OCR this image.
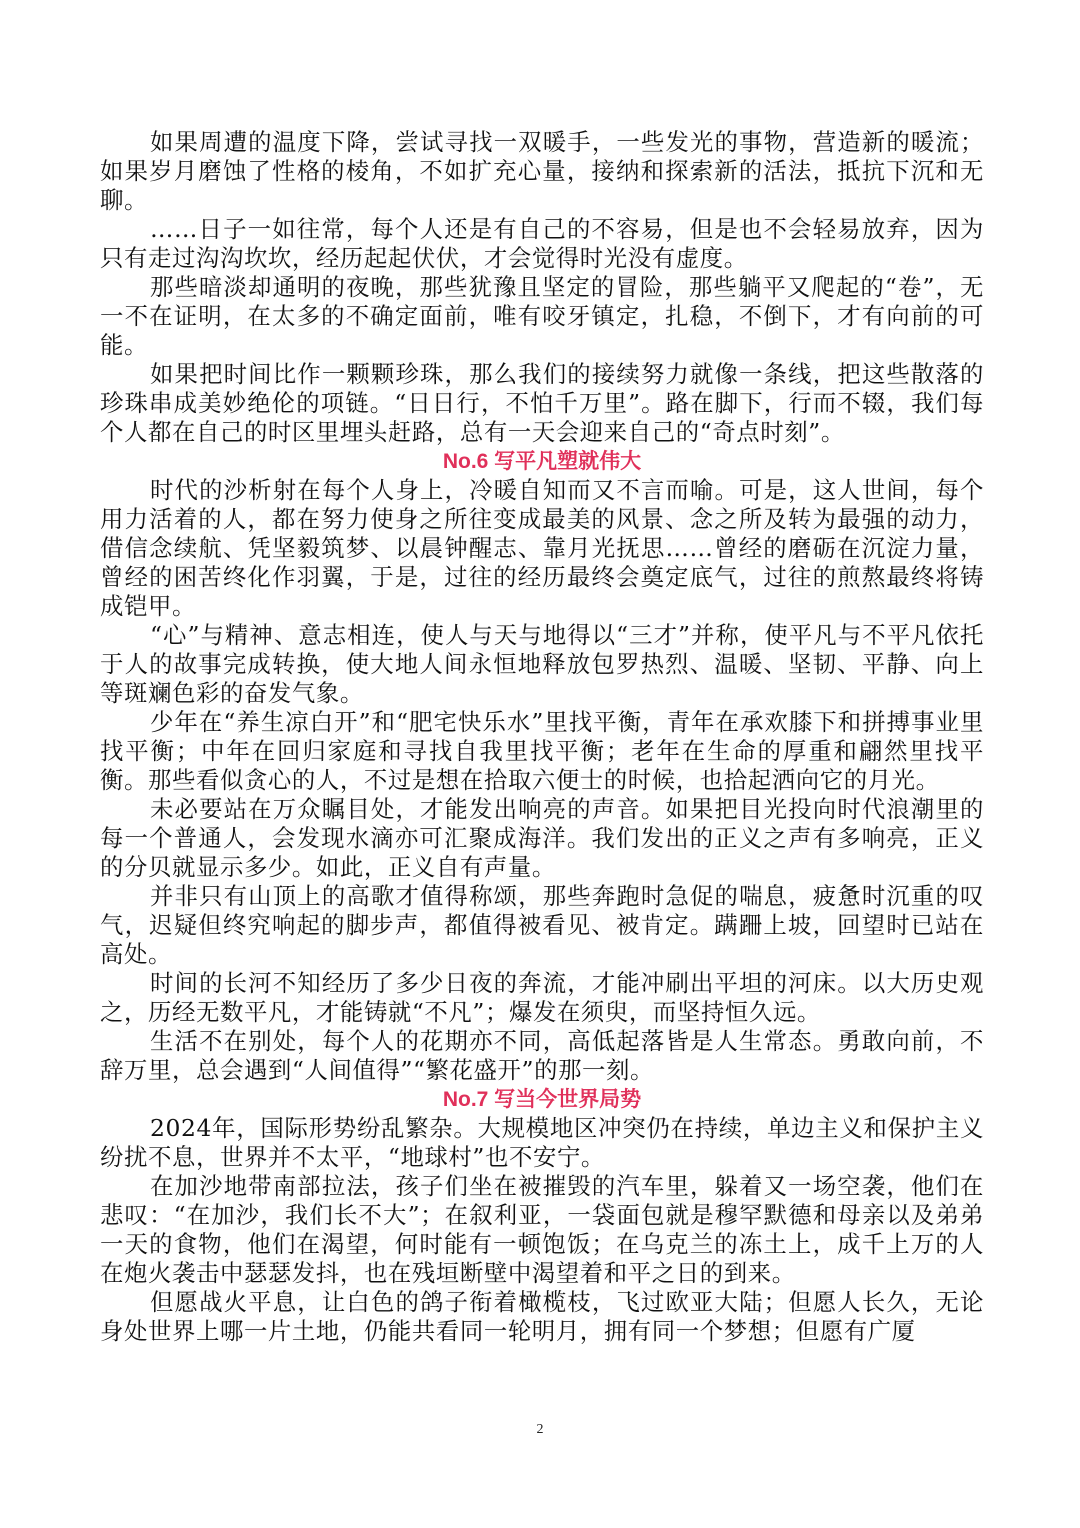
如果周遭的温度下降，尝试寻找一双暖手，一些发光的事物，营造新的暖流；如果岁月磨蚀了性格的棱角，不如扩充心量，接纳和探索新的活法，抵抗下沉和无聊。

……日子一如往常，每个人还是有自己的不容易，但是也不会轻易放弃，因为只有走过沟沟坎坎，经历起起伏伏，才会觉得时光没有虚度。

那些暗淡却通明的夜晚，那些犹豫且坚定的冒险，那些躺平又爬起的“卷”，无一不在证明，在太多的不确定面前，唯有咬牙镇定，扎稳，不倒下，才有向前的可能。

如果把时间比作一颗颗珍珠，那么我们的接续努力就像一条线，把这些散落的珍珠串成美妙绝伦的项链。“日日行，不怕千万里”。路在脚下，行而不辍，我们每个人都在自己的时区里埋头赶路，总有一天会迎来自己的“奇点时刻”。

No.6 写平凡塑就伟大

时代的沙析射在每个人身上，冷暖自知而又不言而喻。可是，这人世间，每个用力活着的人，都在努力使身之所往变成最美的风景、念之所及转为最强的动力，借信念续航、凭坚毅筑梦、以晨钟醒志、靠月光抚思……曾经的磨砺在沉淀力量，曾经的困苦终化作羽翼，于是，过往的经历最终会奠定底气，过往的煎熬最终将铸成铠甲。

“心”与精神、意志相连，使人与天与地得以“三才”并称，使平凡与不平凡依托于人的故事完成转换，使大地人间永恒地释放包罗热烈、温暖、坚韧、平静、向上等斑斓色彩的奋发气象。

少年在“养生凉白开”和“肥宅快乐水”里找平衡，青年在承欢膝下和拼搏事业里找平衡；中年在回归家庭和寻找自我里找平衡；老年在生命的厚重和翩然里找平衡。那些看似贪心的人，不过是想在拾取六便士的时候，也拾起洒向它的月光。

未必要站在万众瞩目处，才能发出响亮的声音。如果把目光投向时代浪潮里的每一个普通人，会发现水滴亦可汇聚成海洋。我们发出的正义之声有多响亮，正义的分贝就显示多少。如此，正义自有声量。

并非只有山顶上的高歌才值得称颂，那些奔跑时急促的喘息，疲惫时沉重的叹气，迟疑但终究响起的脚步声，都值得被看见、被肯定。蹒跚上坡，回望时已站在高处。

时间的长河不知经历了多少日夜的奔流，才能冲刷出平坦的河床。以大历史观之，历经无数平凡，才能铸就“不凡”；爆发在须臾，而坚持恒久远。

生活不在别处，每个人的花期亦不同，高低起落皆是人生常态。勇敢向前，不辞万里，总会遇到“人间值得”“繁花盛开”的那一刻。

No.7 写当今世界局势

2024年，国际形势纷乱繁杂。大规模地区冲突仍在持续，单边主义和保护主义纷扰不息，世界并不太平，“地球村”也不安宁。

在加沙地带南部拉法，孩子们坐在被摧毁的汽车里，躲着又一场空袭，他们在悲叹：“在加沙，我们长不大”；在叙利亚，一袋面包就是穆罕默德和母亲以及弟弟一天的食物，他们在渴望，何时能有一顿饱饭；在乌克兰的冻土上，成千上万的人在炮火袭击中瑟瑟发抖，也在残垣断壁中渴望着和平之日的到来。

但愿战火平息，让白色的鸽子衔着橄榄枝，飞过欧亚大陆；但愿人长久，无论身处世界上哪一片土地，仍能共看同一轮明月，拥有同一个梦想；但愿有广厦

2
